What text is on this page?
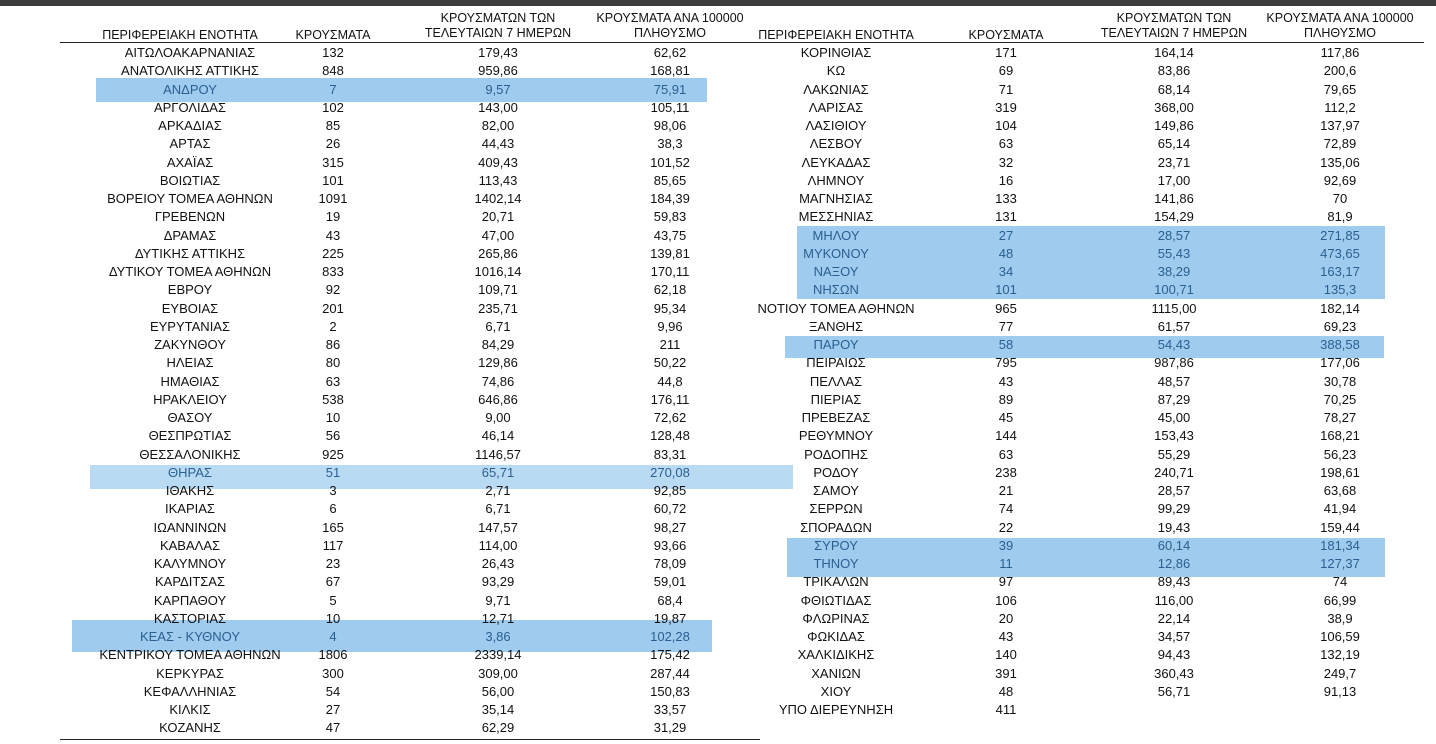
ΠΕΡΙΦΕΡΕΙΑΚΗ ΕΝΟΤΗΤΑ	ΚΡΟΥΣΜΑΤΑ
ΚΡΟΥΣΜΑΤΩΝ ΤΩΝ
ΤΕΛΕΥΤΑΙΩΝ 7 ΗΜΕΡΩΝ
ΚΡΟΥΣΜΑΤΑ ΑΝΑ 100000
ΠΛΗΘΥΣΜΟ	ΠΕΡΙΦΕΡΕΙΑΚΗ ΕΝΟΤΗΤΑ	ΚΡΟΥΣΜΑΤΑ
ΚΡΟΥΣΜΑΤΩΝ ΤΩΝ
ΤΕΛΕΥΤΑΙΩΝ 7 ΗΜΕΡΩΝ
ΚΡΟΥΣΜΑΤΑ ΑΝΑ 100000
ΠΛΗΘΥΣΜΟ
ΑΙΤΩΛΟΑΚΑΡΝΑΝΙΑΣ	132	179,43	62,62
ΑΝΑΤΟΛΙΚΗΣ ΑΤΤΙΚΗΣ	848	959,86	168,81
ΑΝΔΡΟΥ	7	9,57	75,91
ΑΡΓΟΛΙΔΑΣ	102	143,00	105,11
ΑΡΚΑΔΙΑΣ	85	82,00	98,06
ΑΡΤΑΣ	26	44,43	38,3
ΑΧΑΪΑΣ	315	409,43	101,52
ΒΟΙΩΤΙΑΣ	101	113,43	85,65
ΒΟΡΕΙΟΥ ΤΟΜΕΑ ΑΘΗΝΩΝ	1091	1402,14	184,39
ΓΡΕΒΕΝΩΝ	19	20,71	59,83
ΔΡΑΜΑΣ	43	47,00	43,75
ΔΥΤΙΚΗΣ ΑΤΤΙΚΗΣ	225	265,86	139,81
ΔΥΤΙΚΟΥ ΤΟΜΕΑ ΑΘΗΝΩΝ	833	1016,14	170,11
ΕΒΡΟΥ	92	109,71	62,18
ΕΥΒΟΙΑΣ	201	235,71	95,34
ΕΥΡΥΤΑΝΙΑΣ	2	6,71	9,96
ΖΑΚΥΝΘΟΥ	86	84,29	211
ΗΛΕΙΑΣ	80	129,86	50,22
ΗΜΑΘΙΑΣ	63	74,86	44,8
ΗΡΑΚΛΕΙΟΥ	538	646,86	176,11
ΘΑΣΟΥ	10	9,00	72,62
ΘΕΣΠΡΩΤΙΑΣ	56	46,14	128,48
ΘΕΣΣΑΛΟΝΙΚΗΣ	925	1146,57	83,31
ΘΗΡΑΣ	51	65,71	270,08
ΙΘΑΚΗΣ	3	2,71	92,85
ΙΚΑΡΙΑΣ	6	6,71	60,72
ΙΩΑΝΝΙΝΩΝ	165	147,57	98,27
ΚΑΒΑΛΑΣ	117	114,00	93,66
ΚΑΛΥΜΝΟΥ	23	26,43	78,09
ΚΑΡΔΙΤΣΑΣ	67	93,29	59,01
ΚΑΡΠΑΘΟΥ	5	9,71	68,4
ΚΑΣΤΟΡΙΑΣ	10	12,71	19,87
ΚΕΑΣ - ΚΥΘΝΟΥ	4	3,86	102,28
ΚΕΝΤΡΙΚΟΥ ΤΟΜΕΑ ΑΘΗΝΩΝ	1806	2339,14	175,42
ΚΕΡΚΥΡΑΣ	300	309,00	287,44
ΚΕΦΑΛΛΗΝΙΑΣ	54	56,00	150,83
ΚΙΛΚΙΣ	27	35,14	33,57
ΚΟΖΑΝΗΣ	47	62,29	31,29
ΚΟΡΙΝΘΙΑΣ	171	164,14	117,86
ΚΩ	69	83,86	200,6
ΛΑΚΩΝΙΑΣ	71	68,14	79,65
ΛΑΡΙΣΑΣ	319	368,00	112,2
ΛΑΣΙΘΙΟΥ	104	149,86	137,97
ΛΕΣΒΟΥ	63	65,14	72,89
ΛΕΥΚΑΔΑΣ	32	23,71	135,06
ΛΗΜΝΟΥ	16	17,00	92,69
ΜΑΓΝΗΣΙΑΣ	133	141,86	70
ΜΕΣΣΗΝΙΑΣ	131	154,29	81,9
ΜΗΛΟΥ	27	28,57	271,85
ΜΥΚΟΝΟΥ	48	55,43	473,65
ΝΑΞΟΥ	34	38,29	163,17
ΝΗΣΩΝ	101	100,71	135,3
ΝΟΤΙΟΥ ΤΟΜΕΑ ΑΘΗΝΩΝ	965	1115,00	182,14
ΞΑΝΘΗΣ	77	61,57	69,23
ΠΑΡΟΥ	58	54,43	388,58
ΠΕΙΡΑΙΩΣ	795	987,86	177,06
ΠΕΛΛΑΣ	43	48,57	30,78
ΠΙΕΡΙΑΣ	89	87,29	70,25
ΠΡΕΒΕΖΑΣ	45	45,00	78,27
ΡΕΘΥΜΝΟΥ	144	153,43	168,21
ΡΟΔΟΠΗΣ	63	55,29	56,23
ΡΟΔΟΥ	238	240,71	198,61
ΣΑΜΟΥ	21	28,57	63,68
ΣΕΡΡΩΝ	74	99,29	41,94
ΣΠΟΡΑΔΩΝ	22	19,43	159,44
ΣΥΡΟΥ	39	60,14	181,34
ΤΗΝΟΥ	11	12,86	127,37
ΤΡΙΚΑΛΩΝ	97	89,43	74
ΦΘΙΩΤΙΔΑΣ	106	116,00	66,99
ΦΛΩΡΙΝΑΣ	20	22,14	38,9
ΦΩΚΙΔΑΣ	43	34,57	106,59
ΧΑΛΚΙΔΙΚΗΣ	140	94,43	132,19
ΧΑΝΙΩΝ	391	360,43	249,7
ΧΙΟΥ	48	56,71	91,13
ΥΠΟ ΔΙΕΡΕΥΝΗΣΗ	411
